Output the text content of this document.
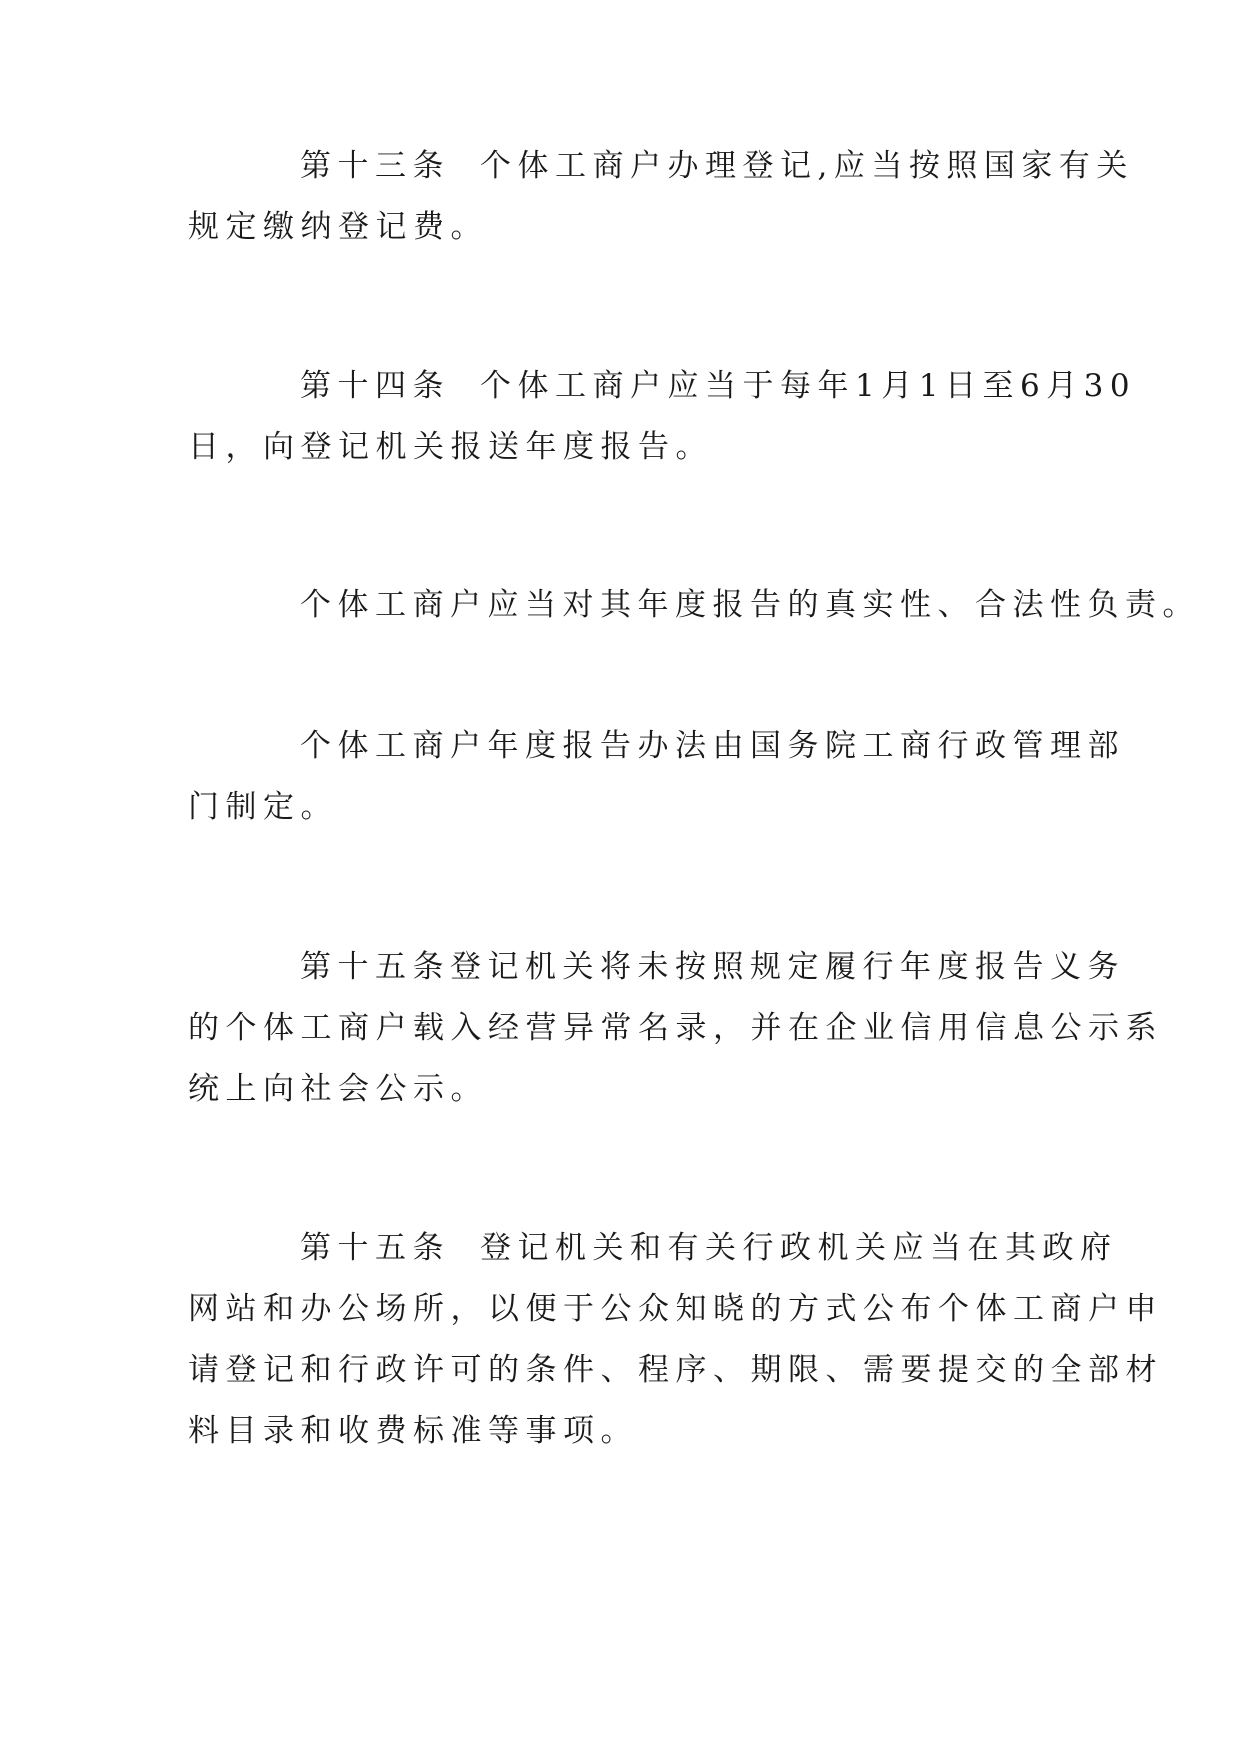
第十三条 个体工商户办理登记,应当按照国家有关
规定缴纳登记费。
第十四条 个体工商户应当于每年1月1日至6月30
日，向登记机关报送年度报告。
个体工商户应当对其年度报告的真实性、合法性负责。
个体工商户年度报告办法由国务院工商行政管理部
门制定。
第十五条登记机关将未按照规定履行年度报告义务
的个体工商户载入经营异常名录，并在企业信用信息公示系
统上向社会公示。
第十五条 登记机关和有关行政机关应当在其政府
网站和办公场所，以便于公众知晓的方式公布个体工商户申
请登记和行政许可的条件、程序、期限、需要提交的全部材
料目录和收费标准等事项。
